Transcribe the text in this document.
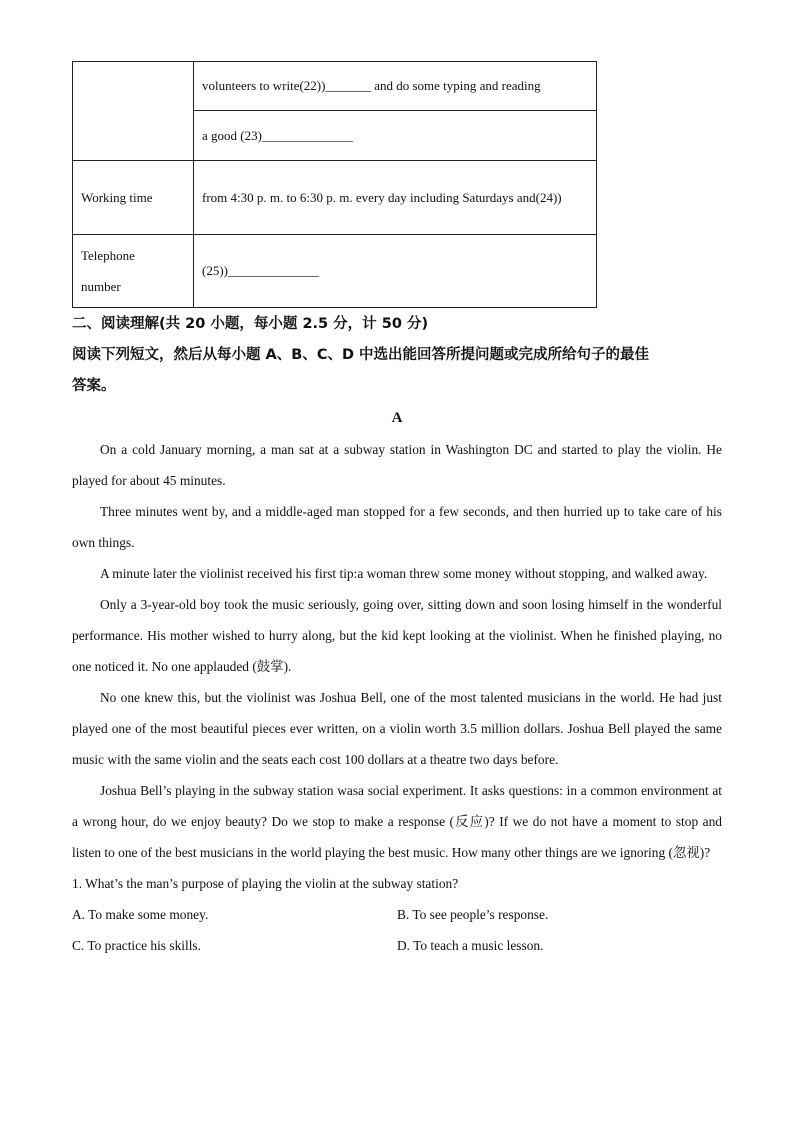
	volunteers to write(22))_______ and do some typing and reading
	a good (23)______________
Working time	from 4:30 p. m. to 6:30 p. m. every day including Saturdays and(24))

Telephone
number	(25))______________
二、阅读理解(共 20 小题，每小题 2.5 分，计 50 分)
阅读下列短文，然后从每小题 A、B、C、D 中选出能回答所提问题或完成所给句子的最佳
答案。
A

On a cold January morning, a man sat at a subway station in Washington DC and started to play the violin. He played for about 45 minutes.

Three minutes went by, and a middle-aged man stopped for a few seconds, and then hurried up to take care of his own things.

A minute later the violinist received his first tip:a woman threw some money without stopping, and walked away.

Only a 3-year-old boy took the music seriously, going over, sitting down and soon losing himself in the wonderful performance. His mother wished to hurry along, but the kid kept looking at the violinist. When he finished playing, no one noticed it. No one applauded (鼓掌).

No one knew this, but the violinist was Joshua Bell, one of the most talented musicians in the world. He had just played one of the most beautiful pieces ever written, on a violin worth 3.5 million dollars. Joshua Bell played the same music with the same violin and the seats each cost 100 dollars at a theatre two days before.

Joshua Bell’s playing in the subway station wasa social experiment. It asks questions: in a common environment at a wrong hour, do we enjoy beauty? Do we stop to make a response (反应)? If we do not have a moment to stop and listen to one of the best musicians in the world playing the best music. How many other things are we ignoring (忽视)?

1. What’s the man’s purpose of playing the violin at the subway station?
A. To make some money.	B. To see people’s response.
C. To practice his skills.	D. To teach a music lesson.
